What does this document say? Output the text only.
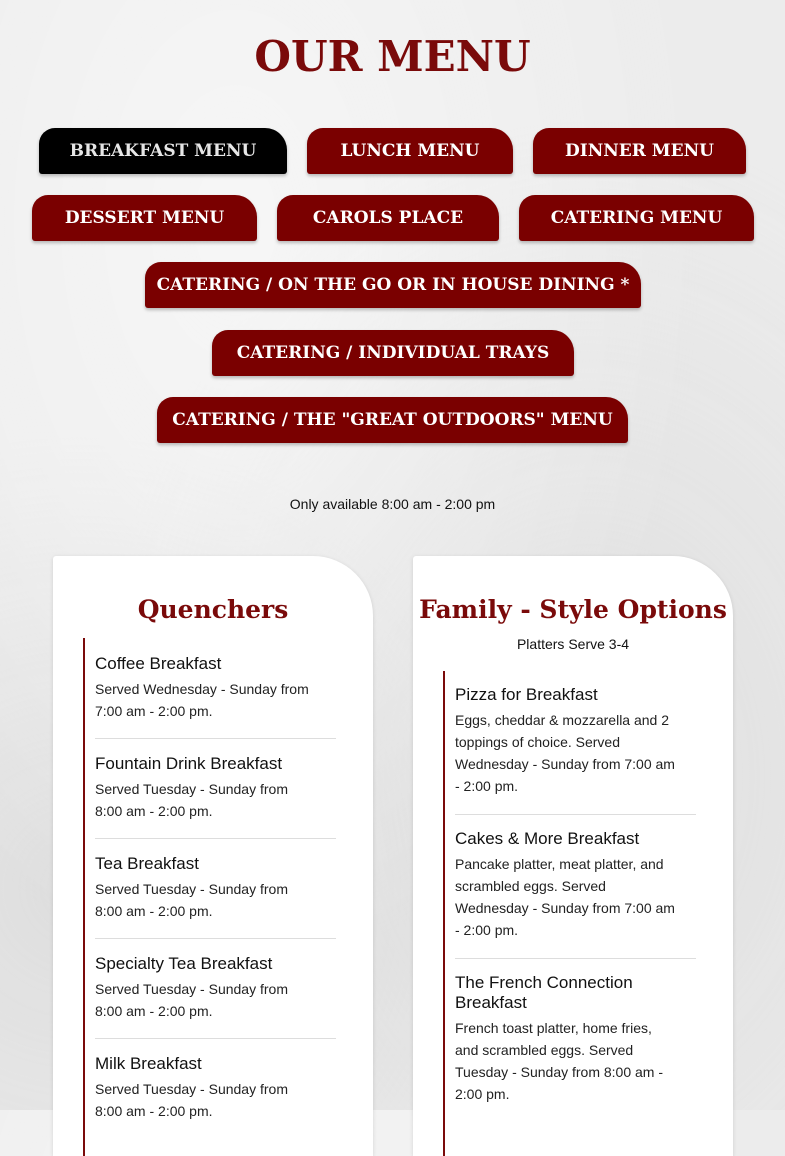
OUR MENU
BREAKFAST MENU	LUNCH MENU	DINNER MENU
DESSERT MENU	CAROLS PLACE	CATERING MENU
CATERING / ON THE GO OR IN HOUSE DINING *
CATERING / INDIVIDUAL TRAYS
CATERING / THE "GREAT OUTDOORS" MENU
Only available 8:00 am - 2:00 pm
Quenchers
Coffee Breakfast
Served Wednesday - Sunday from
7:00 am - 2:00 pm.
Fountain Drink Breakfast
Served Tuesday - Sunday from
8:00 am - 2:00 pm.
Tea Breakfast
Served Tuesday - Sunday from
8:00 am - 2:00 pm.
Specialty Tea Breakfast
Served Tuesday - Sunday from
8:00 am - 2:00 pm.
Milk Breakfast
Served Tuesday - Sunday from
8:00 am - 2:00 pm.
Family - Style Options
Platters Serve 3-4
Pizza for Breakfast
Eggs, cheddar & mozzarella and 2
toppings of choice. Served
Wednesday - Sunday from 7:00 am
- 2:00 pm.
Cakes & More Breakfast
Pancake platter, meat platter, and
scrambled eggs. Served
Wednesday - Sunday from 7:00 am
- 2:00 pm.
The French Connection
Breakfast
French toast platter, home fries,
and scrambled eggs. Served
Tuesday - Sunday from 8:00 am -
2:00 pm.
